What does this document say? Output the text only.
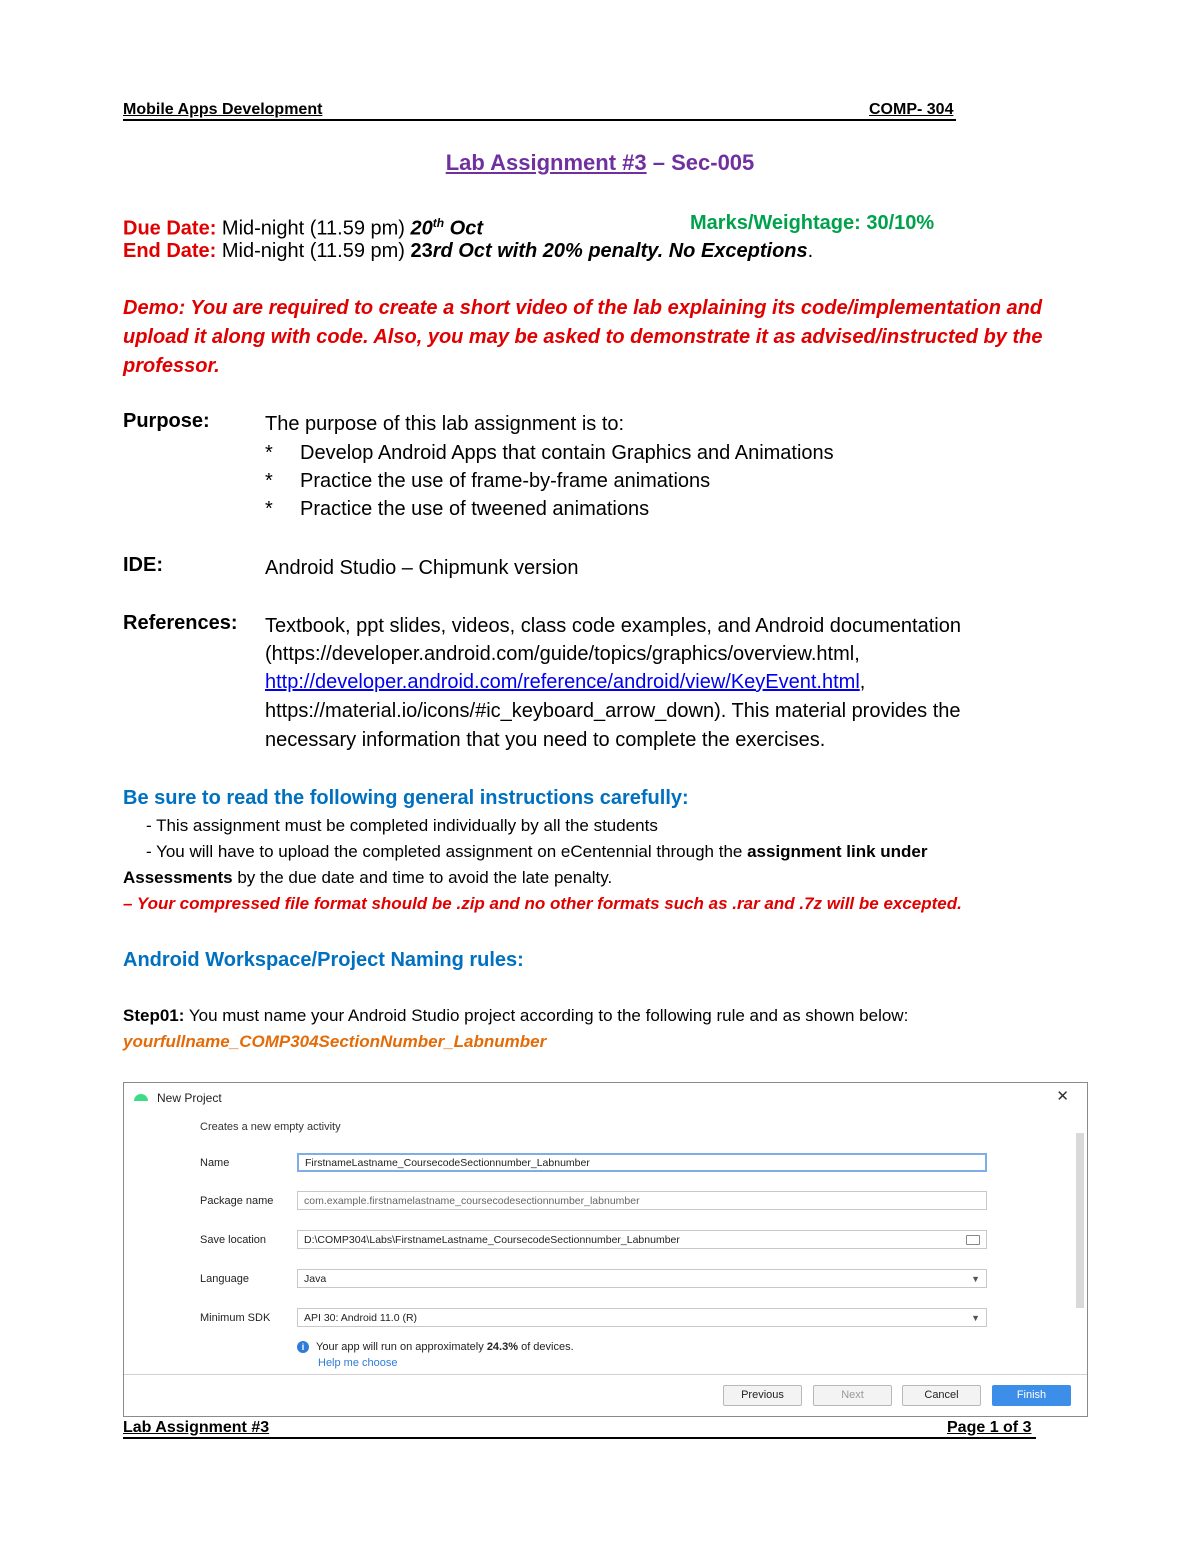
Mobile Apps Development	COMP- 304
Lab Assignment #3 – Sec-005
Due Date: Mid-night (11.59 pm) 20th Oct	Marks/Weightage: 30/10%
End Date: Mid-night (11.59 pm) 23rd Oct with 20% penalty. No Exceptions.
Demo: You are required to create a short video of the lab explaining its code/implementation and upload it along with code. Also, you may be asked to demonstrate it as advised/instructed by the professor.
Purpose:	The purpose of this lab assignment is to:
* Develop Android Apps that contain Graphics and Animations
* Practice the use of frame-by-frame animations
* Practice the use of tweened animations
IDE:	Android Studio – Chipmunk version
References: Textbook, ppt slides, videos, class code examples, and Android documentation
(https://developer.android.com/guide/topics/graphics/overview.html,
http://developer.android.com/reference/android/view/KeyEvent.html,
https://material.io/icons/#ic_keyboard_arrow_down). This material provides the
necessary information that you need to complete the exercises.
Be sure to read the following general instructions carefully:
- This assignment must be completed individually by all the students
- You will have to upload the completed assignment on eCentennial through the assignment link under
Assessments by the due date and time to avoid the late penalty.
– Your compressed file format should be .zip and no other formats such as .rar and .7z will be excepted.
Android Workspace/Project Naming rules:
Step01: You must name your Android Studio project according to the following rule and as shown below:
yourfullname_COMP304SectionNumber_Labnumber
New Project	✕
Creates a new empty activity
Name	FirstnameLastname_CoursecodeSectionnumber_Labnumber
Package name	com.example.firstnamelastname_coursecodesectionnumber_labnumber
Save location	D:\COMP304\Labs\FirstnameLastname_CoursecodeSectionnumber_Labnumber
Language	Java	▼
Minimum SDK	API 30: Android 11.0 (R)	▼
i	Your app will run on approximately 24.3% of devices.
Help me choose
Previous	Next	Cancel	Finish
Lab Assignment #3	Page 1 of 3
